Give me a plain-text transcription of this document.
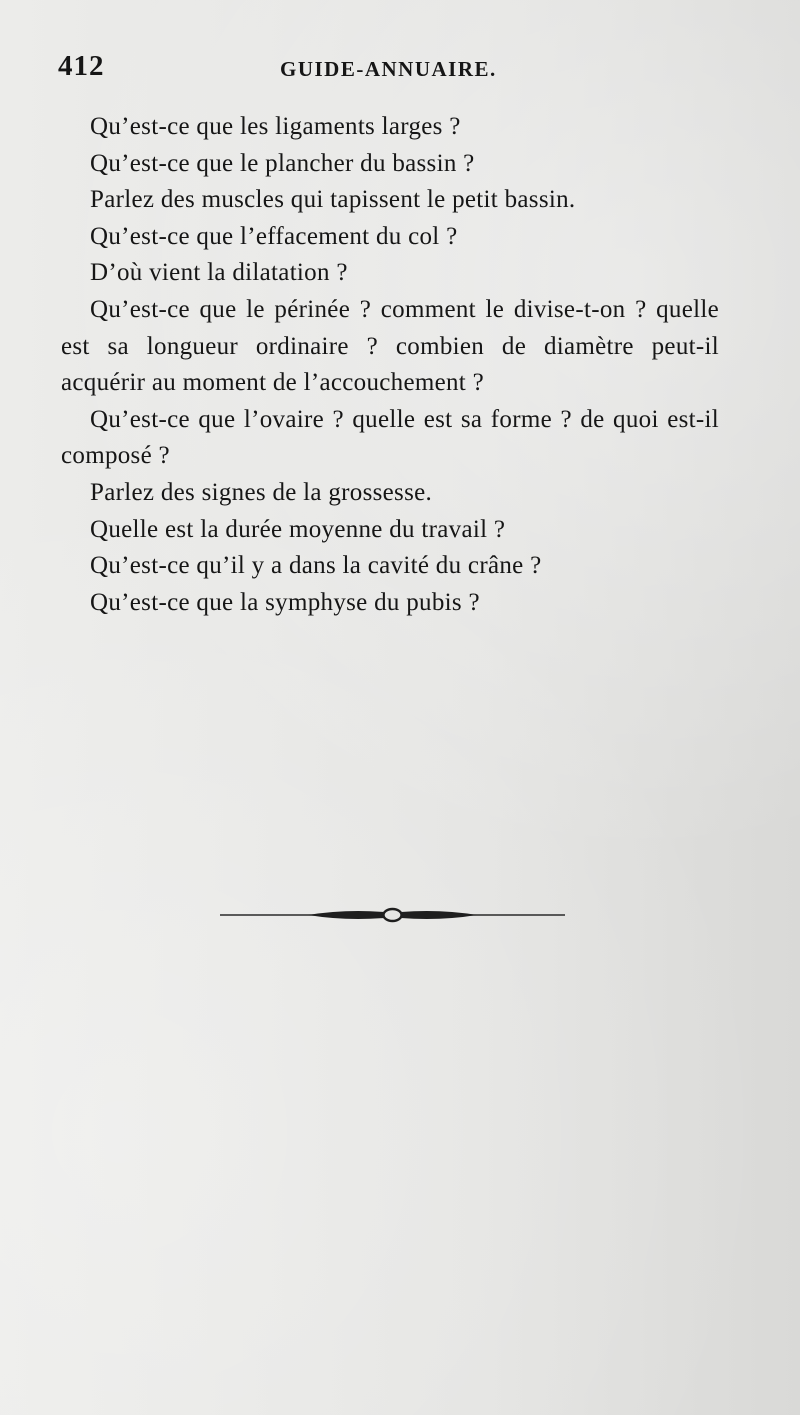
412	GUIDE-ANNUAIRE.

Qu’est-ce que les ligaments larges ?

Qu’est-ce que le plancher du bassin ?

Parlez des muscles qui tapissent le petit bassin.

Qu’est-ce que l’effacement du col ?

D’où vient la dilatation ?

Qu’est-ce que le périnée ? comment le divise-t-on ? quelle est sa longueur ordinaire ? combien de diamètre peut-il acquérir au moment de l’accouchement ?

Qu’est-ce que l’ovaire ? quelle est sa forme ? de quoi est-il composé ?

Parlez des signes de la grossesse.

Quelle est la durée moyenne du travail ?

Qu’est-ce qu’il y a dans la cavité du crâne ?

Qu’est-ce que la symphyse du pubis ?
